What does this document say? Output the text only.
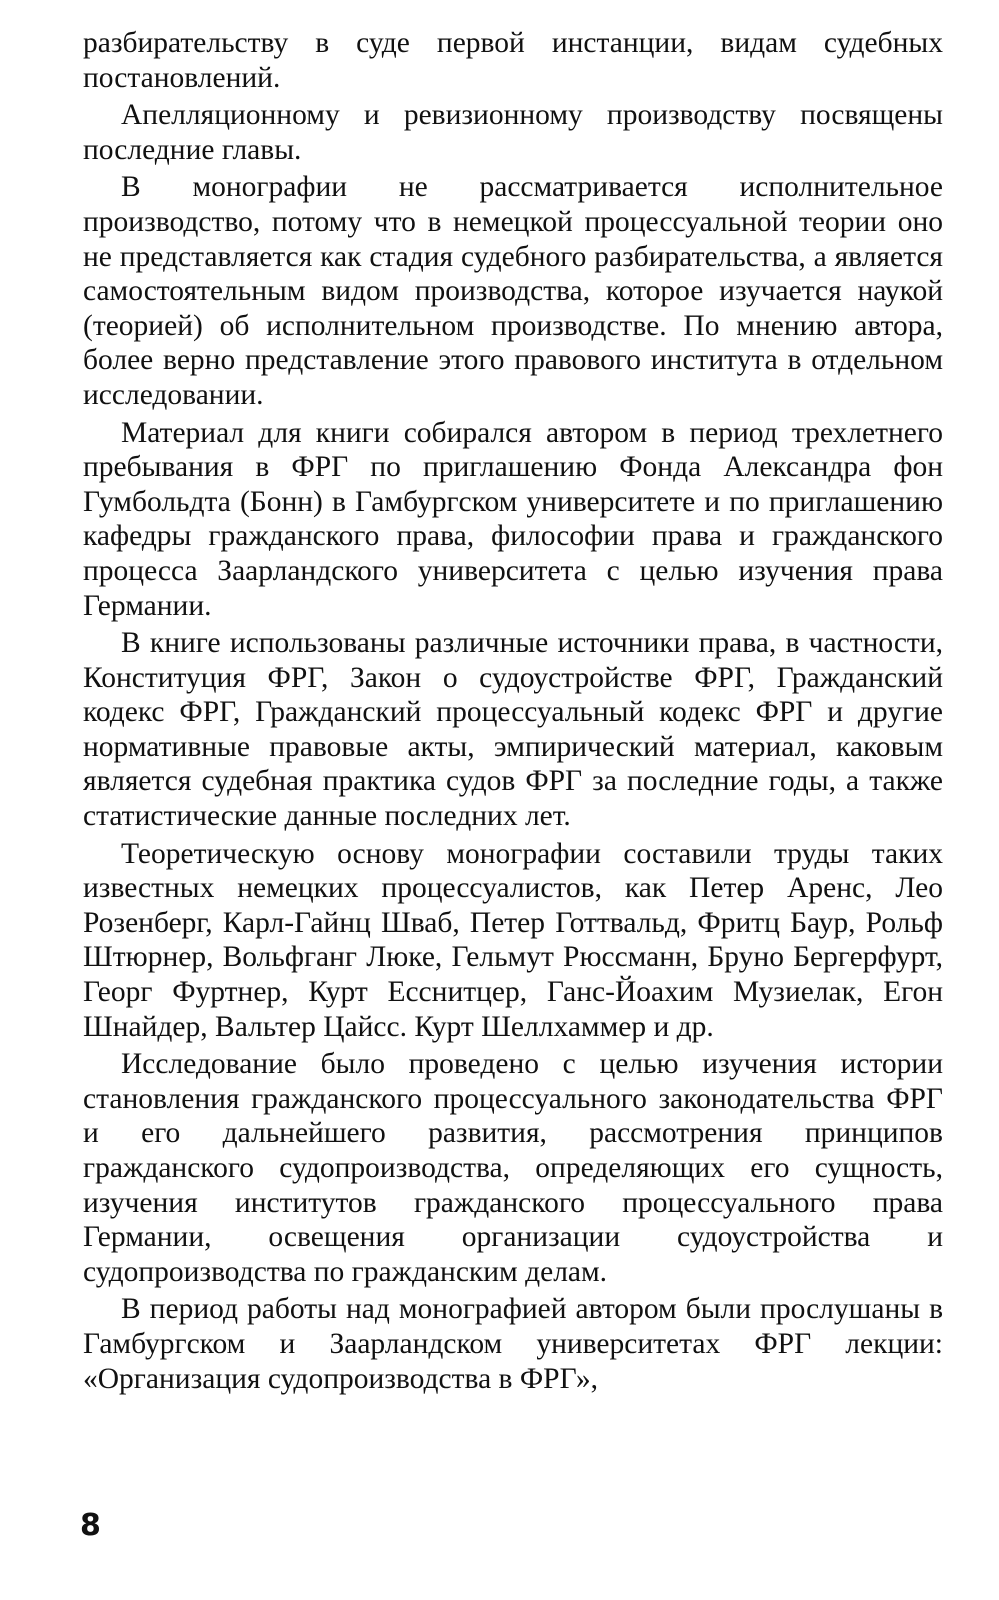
разбирательству в суде первой инстанции, видам судебных постановлений.

Апелляционному и ревизионному производству посвящены последние главы.

В монографии не рассматривается исполнительное производство, потому что в немецкой процессуальной теории оно не представляется как стадия судебного разбирательства, а является самостоятельным видом производства, которое изучается наукой (теорией) об исполнительном производстве. По мнению автора, более верно представление этого правового института в отдельном исследовании.

Материал для книги собирался автором в период трехлетнего пребывания в ФРГ по приглашению Фонда Александра фон Гумбольдта (Бонн) в Гамбургском университете и по приглашению кафедры гражданского права, философии права и гражданского процесса Заарландского университета с целью изучения права Германии.

В книге использованы различные источники права, в частности, Конституция ФРГ, Закон о судоустройстве ФРГ, Гражданский кодекс ФРГ, Гражданский процессуальный кодекс ФРГ и другие нормативные правовые акты, эмпирический материал, каковым является судебная практика судов ФРГ за последние годы, а также статистические данные последних лет.

Теоретическую основу монографии составили труды таких известных немецких процессуалистов, как Петер Аренс, Лео Розенберг, Карл-Гайнц Шваб, Петер Готтвальд, Фритц Баур, Рольф Штюрнер, Вольфганг Люке, Гельмут Рюссманн, Бруно Бергерфурт, Георг Фуртнер, Курт Есснитцер, Ганс-Йоахим Музиелак, Егон Шнайдер, Вальтер Цайсс. Курт Шеллхаммер и др.

Исследование было проведено с целью изучения истории становления гражданского процессуального законодательства ФРГ и его дальнейшего развития, рассмотрения принципов гражданского судопроизводства, определяющих его сущность, изучения институтов гражданского процессуального права Германии, освещения организации судоустройства и судопроизводства по гражданским делам.

В период работы над монографией автором были прослушаны в Гамбургском и Заарландском университетах ФРГ лекции: «Организация судопроизводства в ФРГ»,

8
